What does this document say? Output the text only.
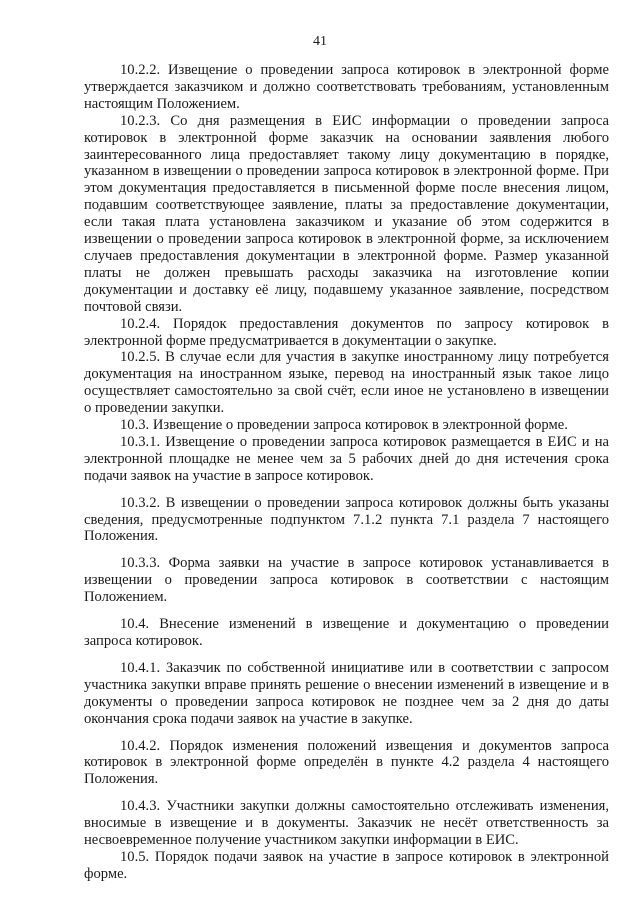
41

10.2.2. Извещение о проведении запроса котировок в электронной форме утверждается заказчиком и должно соответствовать требованиям, установленным настоящим Положением.

10.2.3. Со дня размещения в ЕИС информации о проведении запроса котировок в электронной форме заказчик на основании заявления любого заинтересованного лица предоставляет такому лицу документацию в порядке, указанном в извещении о проведении запроса котировок в электронной форме. При этом документация предоставляется в письменной форме после внесения лицом, подавшим соответствующее заявление, платы за предоставление документации, если такая плата установлена заказчиком и указание об этом содержится в извещении о проведении запроса котировок в электронной форме, за исключением случаев предоставления документации в электронной форме. Размер указанной платы не должен превышать расходы заказчика на изготовление копии документации и доставку её лицу, подавшему указанное заявление, посредством почтовой связи.

10.2.4. Порядок предоставления документов по запросу котировок в электронной форме предусматривается в документации о закупке.

10.2.5. В случае если для участия в закупке иностранному лицу потребуется документация на иностранном языке, перевод на иностранный язык такое лицо осуществляет самостоятельно за свой счёт, если иное не установлено в извещении о проведении закупки.

10.3. Извещение о проведении запроса котировок в электронной форме.

10.3.1. Извещение о проведении запроса котировок размещается в ЕИС и на электронной площадке не менее чем за 5 рабочих дней до дня истечения срока подачи заявок на участие в запросе котировок.

10.3.2. В извещении о проведении запроса котировок должны быть указаны сведения, предусмотренные подпунктом 7.1.2 пункта 7.1 раздела 7 настоящего Положения.

10.3.3. Форма заявки на участие в запросе котировок устанавливается в извещении о проведении запроса котировок в соответствии с настоящим Положением.

10.4. Внесение изменений в извещение и документацию о проведении запроса котировок.

10.4.1. Заказчик по собственной инициативе или в соответствии с запросом участника закупки вправе принять решение о внесении изменений в извещение и в документы о проведении запроса котировок не позднее чем за 2 дня до даты окончания срока подачи заявок на участие в закупке.

10.4.2. Порядок изменения положений извещения и документов запроса котировок в электронной форме определён в пункте 4.2 раздела 4 настоящего Положения.

10.4.3. Участники закупки должны самостоятельно отслеживать изменения, вносимые в извещение и в документы. Заказчик не несёт ответственность за несвоевременное получение участником закупки информации в ЕИС.

10.5. Порядок подачи заявок на участие в запросе котировок в электронной форме.
